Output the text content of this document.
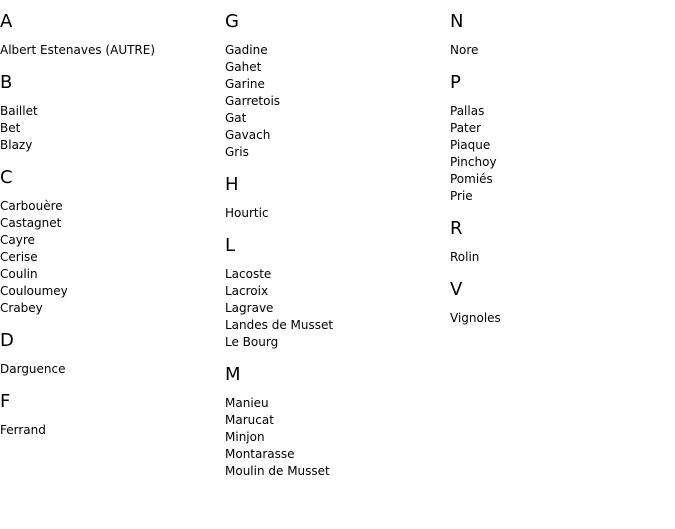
A
Albert Estenaves (AUTRE)
B
Baillet
Bet
Blazy
C
Carbouère
Castagnet
Cayre
Cerise
Coulin
Couloumey
Crabey
D
Darguence
F
Ferrand
G
Gadine
Gahet
Garine
Garretois
Gat
Gavach
Gris
H
Hourtic
L
Lacoste
Lacroix
Lagrave
Landes de Musset
Le Bourg
M
Manieu
Marucat
Minjon
Montarasse
Moulin de Musset
N
Nore
P
Pallas
Pater
Piaque
Pinchoy
Pomiés
Prie
R
Rolin
V
Vignoles
